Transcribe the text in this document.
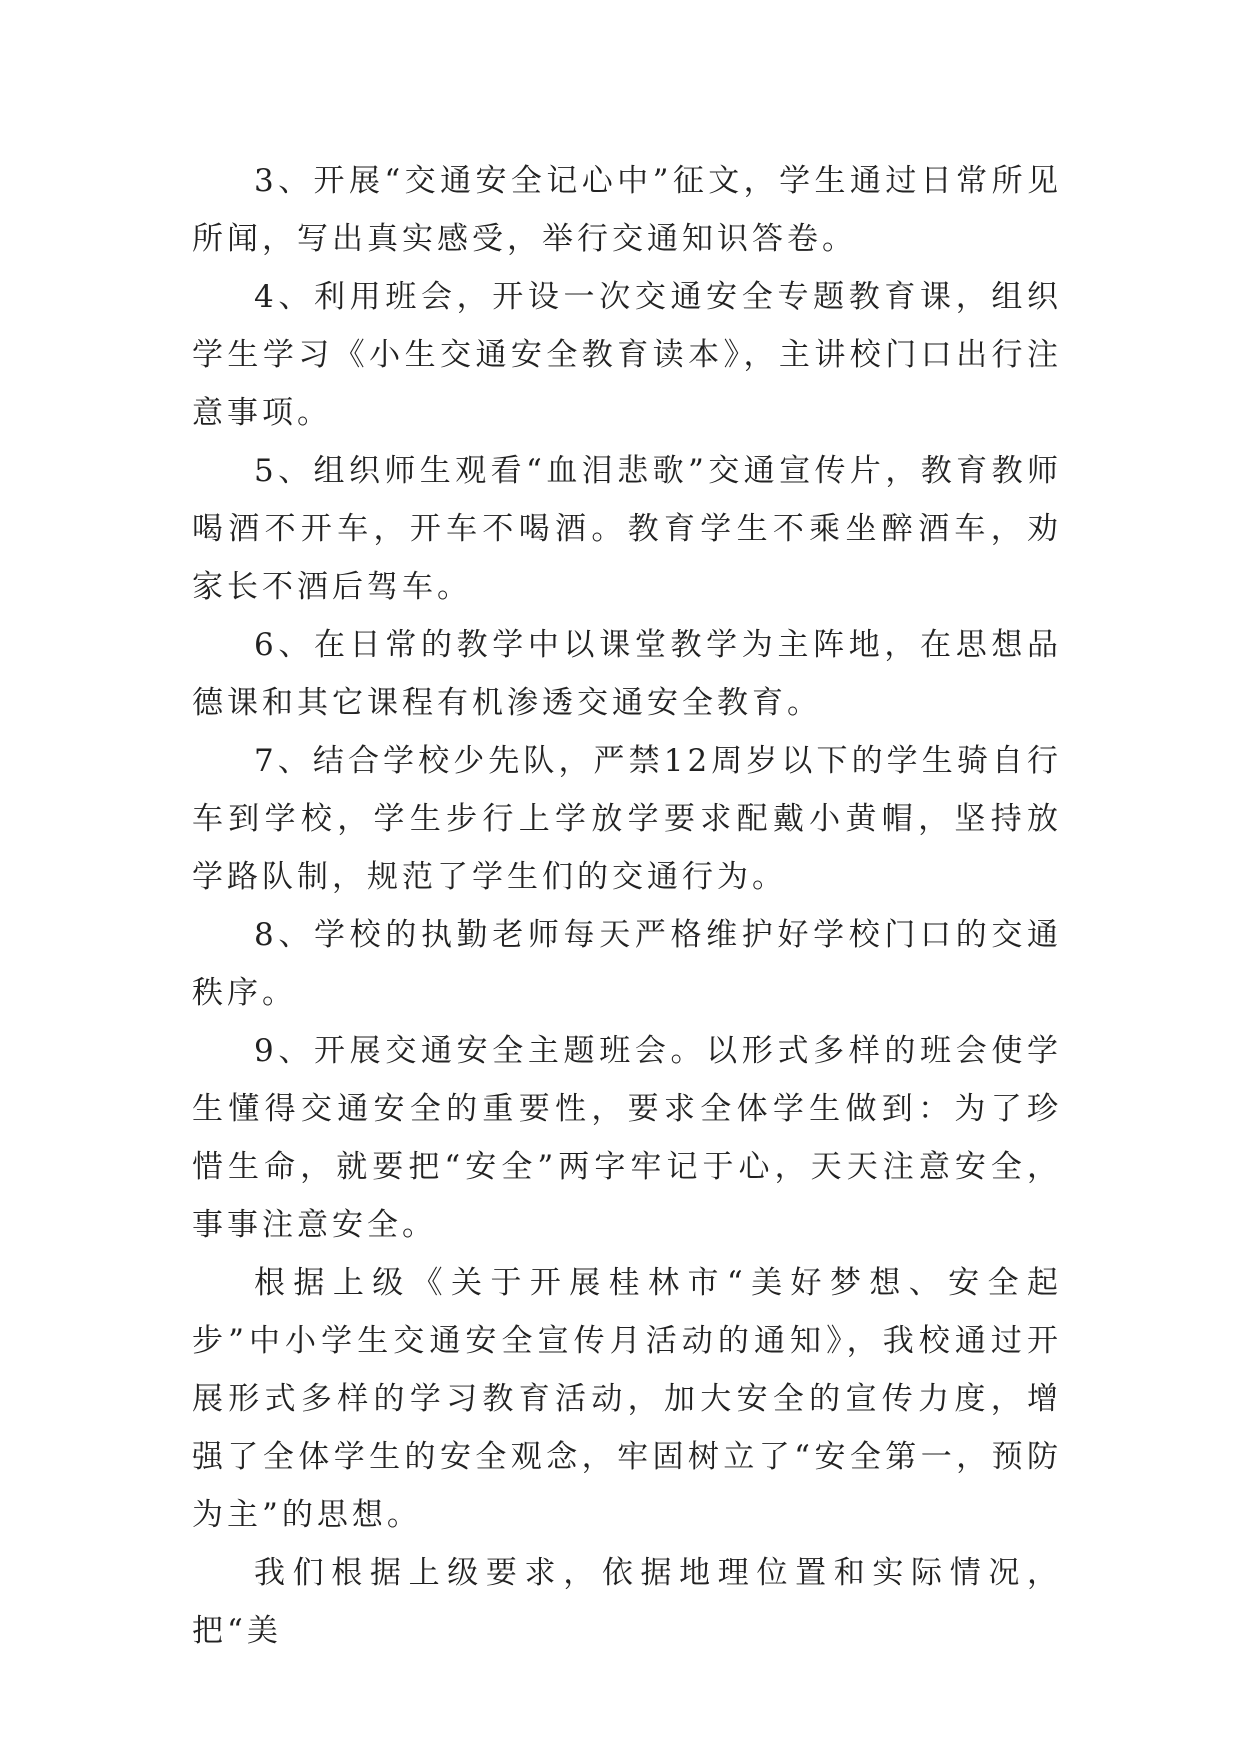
3、开展“交通安全记心中”征文，学生通过日常所见所闻，写出真实感受，举行交通知识答卷。

4、利用班会，开设一次交通安全专题教育课，组织学生学习《小生交通安全教育读本》，主讲校门口出行注意事项。

5、组织师生观看“血泪悲歌”交通宣传片，教育教师喝酒不开车，开车不喝酒。教育学生不乘坐醉酒车，劝家长不酒后驾车。

6、在日常的教学中以课堂教学为主阵地，在思想品德课和其它课程有机渗透交通安全教育。

7、结合学校少先队，严禁12周岁以下的学生骑自行车到学校，学生步行上学放学要求配戴小黄帽，坚持放学路队制，规范了学生们的交通行为。

8、学校的执勤老师每天严格维护好学校门口的交通秩序。

9、开展交通安全主题班会。以形式多样的班会使学生懂得交通安全的重要性，要求全体学生做到：为了珍惜生命，就要把“安全”两字牢记于心，天天注意安全，事事注意安全。

根据上级《关于开展桂林市“美好梦想、安全起步”中小学生交通安全宣传月活动的通知》，我校通过开展形式多样的学习教育活动，加大安全的宣传力度，增强了全体学生的安全观念，牢固树立了“安全第一，预防为主”的思想。

我们根据上级要求，依据地理位置和实际情况，把“美
